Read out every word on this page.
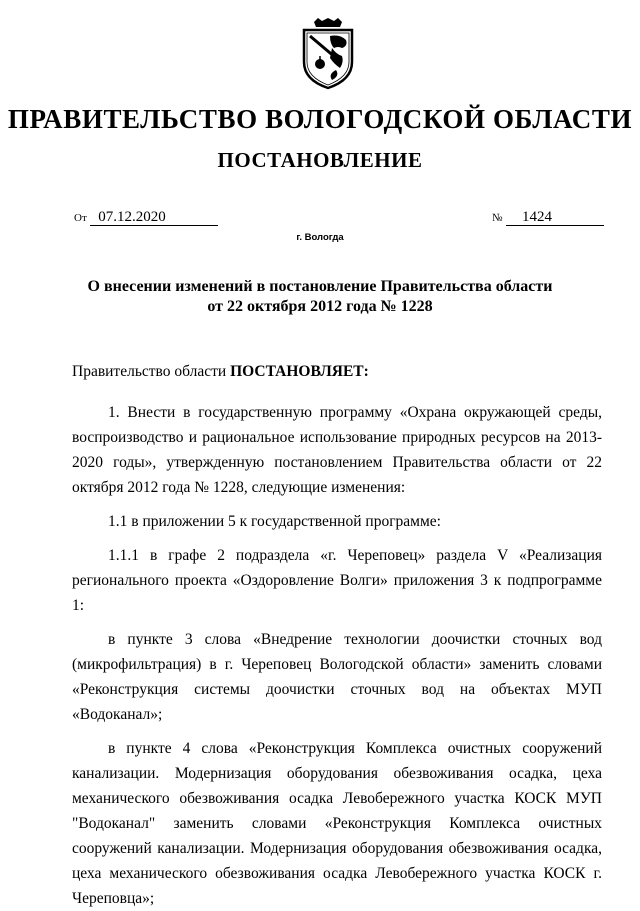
ПРАВИТЕЛЬСТВО ВОЛОГОДСКОЙ ОБЛАСТИ
ПОСТАНОВЛЕНИЕ
От 07.12.2020	№ 1424
г. Вологда
О внесении изменений в постановление Правительства области
от 22 октября 2012 года № 1228

Правительство области ПОСТАНОВЛЯЕТ:

1. Внести в государственную программу «Охрана окружающей среды, воспроизводство и рациональное использование природных ресурсов на 2013-2020 годы», утвержденную постановлением Правительства области от 22 октября 2012 года № 1228, следующие изменения:

1.1 в приложении 5 к государственной программе:

1.1.1 в графе 2 подраздела «г. Череповец» раздела V «Реализация регионального проекта «Оздоровление Волги» приложения 3 к подпрограмме 1:

в пункте 3 слова «Внедрение технологии доочистки сточных вод (микрофильтрация) в г. Череповец Вологодской области» заменить словами «Реконструкция системы доочистки сточных вод на объектах МУП «Водоканал»;

в пункте 4 слова «Реконструкция Комплекса очистных сооружений канализации. Модернизация оборудования обезвоживания осадка, цеха механического обезвоживания осадка Левобережного участка КОСК МУП "Водоканал" заменить словами «Реконструкция Комплекса очистных сооружений канализации. Модернизация оборудования обезвоживания осадка, цеха механического обезвоживания осадка Левобережного участка КОСК г. Череповца»;
